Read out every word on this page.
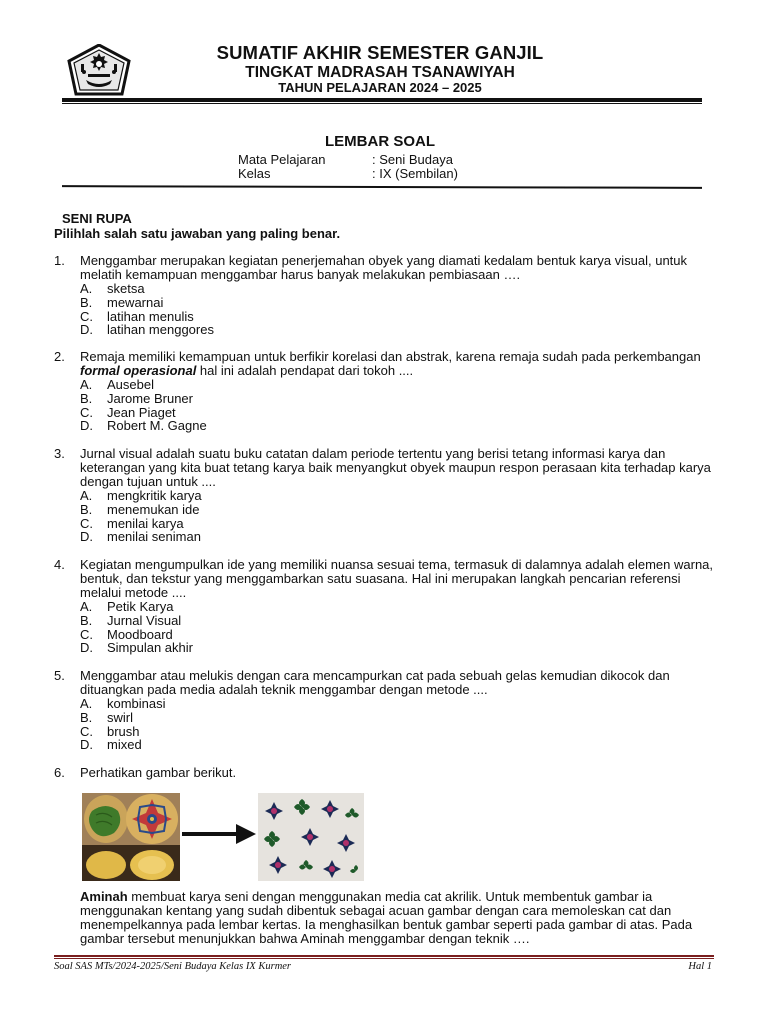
SUMATIF AKHIR SEMESTER GANJIL
TINGKAT MADRASAH TSANAWIYAH
TAHUN PELAJARAN 2024 – 2025
LEMBAR SOAL
Mata Pelajaran	: Seni Budaya
Kelas	: IX (Sembilan)
SENI RUPA
Pilihlah salah satu jawaban yang paling benar.
1. Menggambar merupakan kegiatan penerjemahan obyek yang diamati kedalam bentuk karya visual, untuk melatih kemampuan menggambar harus banyak melakukan pembiasaan ….
A. sketsa
B. mewarnai
C. latihan menulis
D. latihan menggores
2. Remaja memiliki kemampuan untuk berfikir korelasi dan abstrak, karena remaja sudah pada perkembangan formal operasional hal ini adalah pendapat dari tokoh ....
A. Ausebel
B. Jarome Bruner
C. Jean Piaget
D. Robert M. Gagne
3. Jurnal visual adalah suatu buku catatan dalam periode tertentu yang berisi tetang informasi karya dan keterangan yang kita buat tetang karya baik menyangkut obyek maupun respon perasaan kita terhadap karya dengan tujuan untuk ....
A. mengkritik karya
B. menemukan ide
C. menilai karya
D. menilai seniman
4. Kegiatan mengumpulkan ide yang memiliki nuansa sesuai tema, termasuk di dalamnya adalah elemen warna, bentuk, dan tekstur yang menggambarkan satu suasana. Hal ini merupakan langkah pencarian referensi melalui metode ....
A. Petik Karya
B. Jurnal Visual
C. Moodboard
D. Simpulan akhir
5. Menggambar atau melukis dengan cara mencampurkan cat pada sebuah gelas kemudian dikocok dan dituangkan pada media adalah teknik menggambar dengan metode ....
A. kombinasi
B. swirl
C. brush
D. mixed
6. Perhatikan gambar berikut.
Aminah membuat karya seni dengan menggunakan media cat akrilik. Untuk membentuk gambar ia menggunakan kentang yang sudah dibentuk sebagai acuan gambar dengan cara memoleskan cat dan menempelkannya pada lembar kertas. Ia menghasilkan bentuk gambar seperti pada gambar di atas. Pada gambar tersebut menunjukkan bahwa Aminah menggambar dengan teknik ….
Soal SAS MTs/2024-2025/Seni Budaya Kelas IX Kurmer	Hal 1
